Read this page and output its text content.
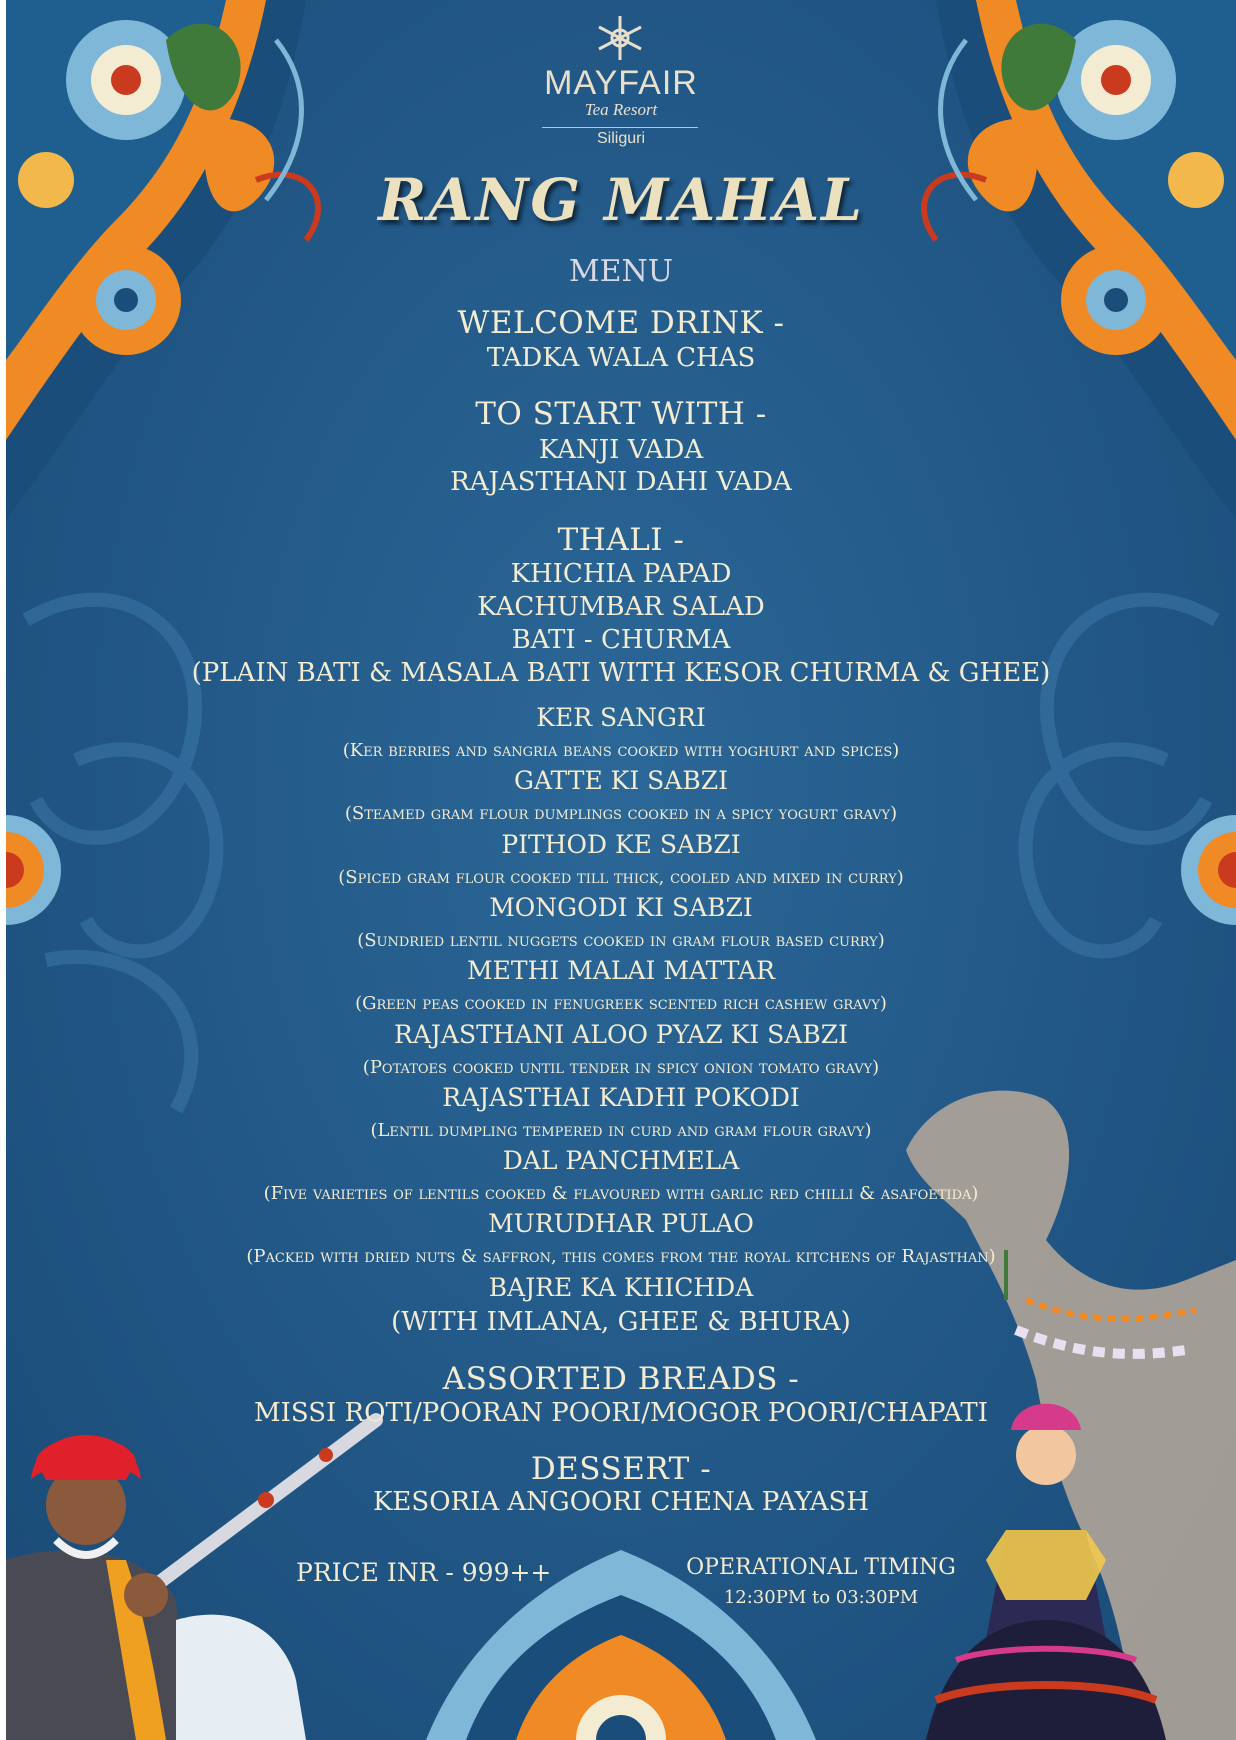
MAYFAIR
Tea Resort
Siliguri
RANG MAHAL
MENU
WELCOME DRINK -
TADKA WALA CHAS
TO START WITH -
KANJI VADA
RAJASTHANI DAHI VADA
THALI -
KHICHIA PAPAD
KACHUMBAR SALAD
BATI - CHURMA
(PLAIN BATI & MASALA BATI WITH KESOR CHURMA & GHEE)
KER SANGRI
(Ker berries and sangria beans cooked with yoghurt and spices)
GATTE KI SABZI
(Steamed gram flour dumplings cooked in a spicy yogurt gravy)
PITHOD KE SABZI
(Spiced gram flour cooked till thick, cooled and mixed in curry)
MONGODI KI SABZI
(Sundried lentil nuggets cooked in gram flour based curry)
METHI MALAI MATTAR
(Green peas cooked in fenugreek scented rich cashew gravy)
RAJASTHANI ALOO PYAZ KI SABZI
(Potatoes cooked until tender in spicy onion tomato gravy)
RAJASTHAI KADHI POKODI
(Lentil dumpling tempered in curd and gram flour gravy)
DAL PANCHMELA
(Five varieties of lentils cooked & flavoured with garlic red chilli & asafoetida)
MURUDHAR PULAO
(Packed with dried nuts & saffron, this comes from the royal kitchens of Rajasthan)
BAJRE KA KHICHDA
(WITH IMLANA, GHEE & BHURA)
ASSORTED BREADS -
MISSI ROTI/POORAN POORI/MOGOR POORI/CHAPATI
DESSERT -
KESORIA ANGOORI CHENA PAYASH
PRICE INR - 999++	OPERATIONAL TIMING
12:30PM to 03:30PM
